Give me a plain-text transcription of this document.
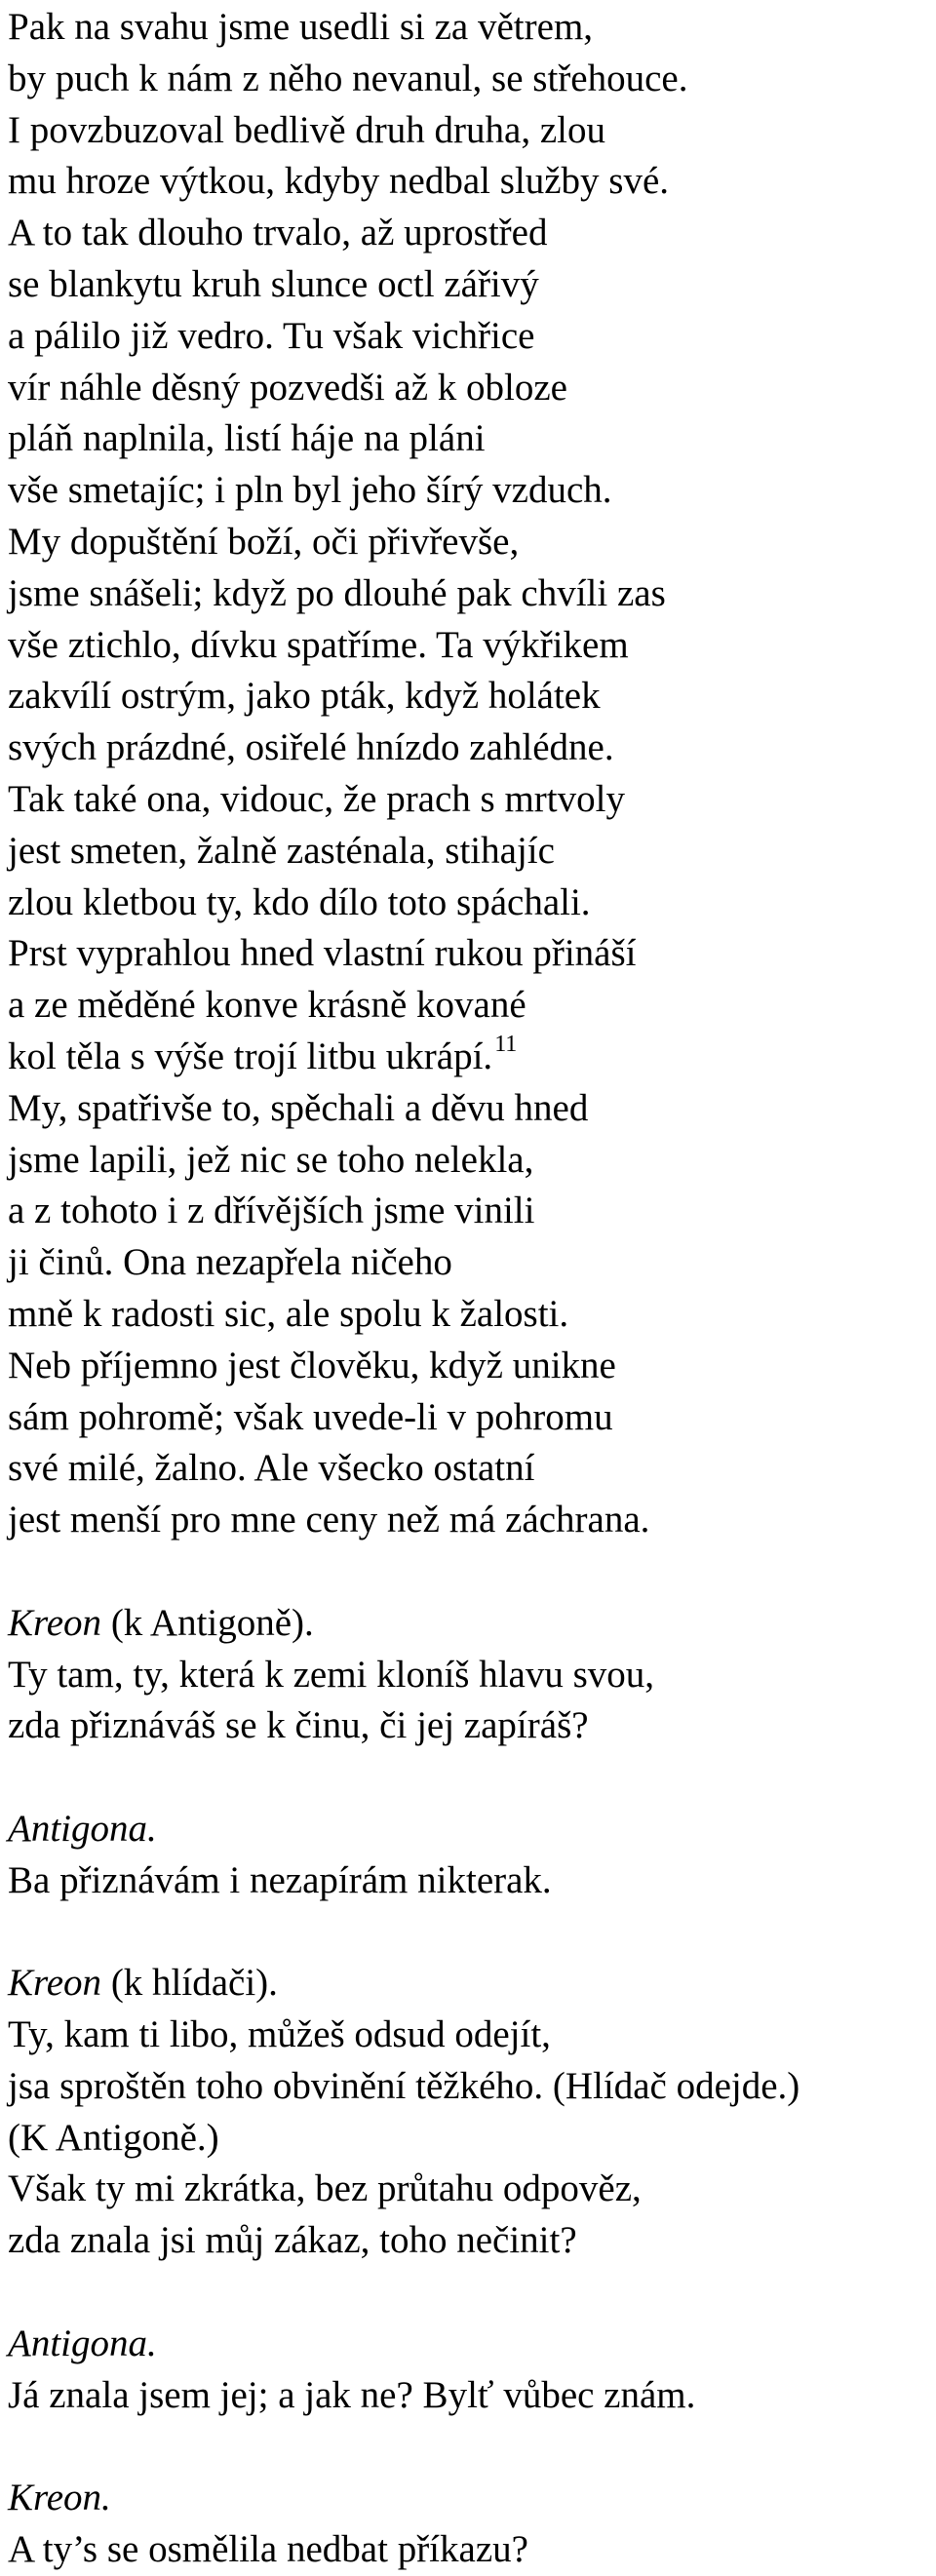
Pak na svahu jsme usedli si za větrem,
by puch k nám z něho nevanul, se střehouce.
I povzbuzoval bedlivě druh druha, zlou
mu hroze výtkou, kdyby nedbal služby své.
A to tak dlouho trvalo, až uprostřed
se blankytu kruh slunce octl zářivý
a pálilo již vedro. Tu však vichřice
vír náhle děsný pozvedši až k obloze
pláň naplnila, listí háje na pláni
vše smetajíc; i pln byl jeho šírý vzduch.
My dopuštění boží, oči přivřevše,
jsme snášeli; když po dlouhé pak chvíli zas
vše ztichlo, dívku spatříme. Ta výkřikem
zakvílí ostrým, jako pták, když holátek
svých prázdné, osiřelé hnízdo zahlédne.
Tak také ona, vidouc, že prach s mrtvoly
jest smeten, žalně zasténala, stihajíc
zlou kletbou ty, kdo dílo toto spáchali.
Prst vyprahlou hned vlastní rukou přináší
a ze měděné konve krásně kované
kol těla s výše trojí litbu ukrápí.$^{11}$
My, spatřivše to, spěchali a děvu hned
jsme lapili, jež nic se toho nelekla,
a z tohoto i z dřívějších jsme vinili
ji činů. Ona nezapřela ničeho
mně k radosti sic, ale spolu k žalosti.
Neb příjemno jest člověku, když unikne
sám pohromě; však uvede-li v pohromu
své milé, žalno. Ale všecko ostatní
jest menší pro mne ceny než má záchrana.
Kreon (k Antigoně).
Ty tam, ty, která k zemi kloníš hlavu svou,
zda přiznáváš se k činu, či jej zapíráš?
Antigona.
Ba přiznávám i nezapírám nikterak.
Kreon (k hlídači).
Ty, kam ti libo, můžeš odsud odejít,
jsa sproštěn toho obvinění těžkého. (Hlídač odejde.)
(K Antigoně.)
Však ty mi zkrátka, bez průtahu odpověz,
zda znala jsi můj zákaz, toho nečinit?
Antigona.
Já znala jsem jej; a jak ne? Bylť vůbec znám.
Kreon.
A ty’s se osmělila nedbat příkazu?
